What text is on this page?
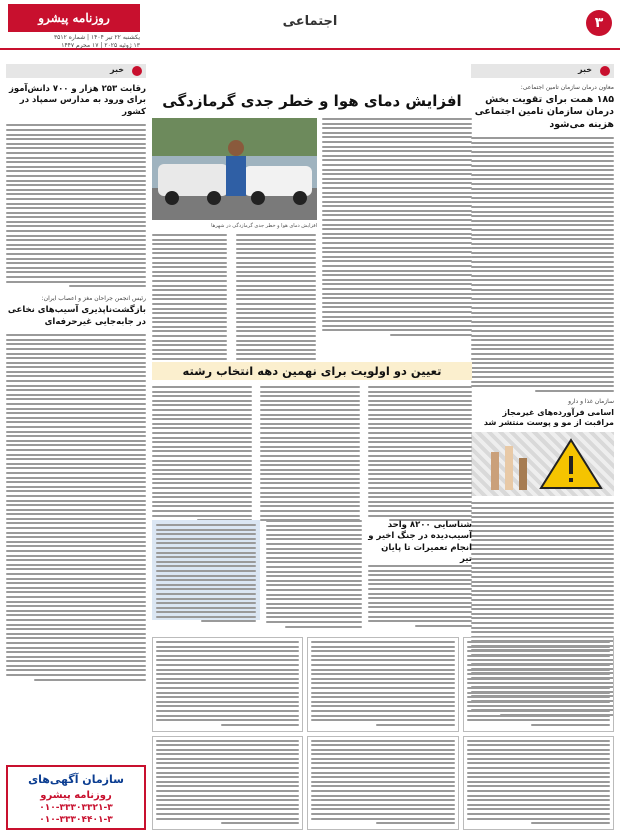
۳
اجتماعی
روزنامه پیشرو
یکشنبه ۲۲ تیر ۱۴۰۴ | شماره ۳۵۱۲
۱۳ ژوئیه ۲۰۲۵ | ۱۷ محرم ۱۴۴۷
خبر
معاون درمان سازمان تامین اجتماعی:
۱۸۵ همت برای تقویت بخش درمان سازمان تامین اجتماعی هزینه می‌شود
سازمان غذا و دارو
اسامی فرآورده‌های غیرمجاز مراقبت از مو و پوست منتشر شد
خبر
رقابت ۲۵۳ هزار و ۷۰۰ دانش‌آموز برای ورود به مدارس سمپاد در کشور
رئیس انجمن جراحان مغز و اعصاب ایران:
بازگشت‌ناپذیری آسیب‌های نخاعی در جابه‌جایی غیرحرفه‌ای
سازمان آگهی‌های
روزنامه پیشرو
۰۱۰-۳۳۳۰۳۳۲۱-۳
۰۱۰-۳۳۳۰۴۴۰۱-۳
افزایش دمای هوا و خطر جدی گرمازدگی
افزایش دمای هوا و خطر جدی گرمازدگی در شهرها
تعیین دو اولویت برای نهمین دهه انتخاب رشته
شناسایی ۸۲۰۰ واحد آسیب‌دیده در جنگ اخیر و انجام تعمیرات تا پایان تیر
